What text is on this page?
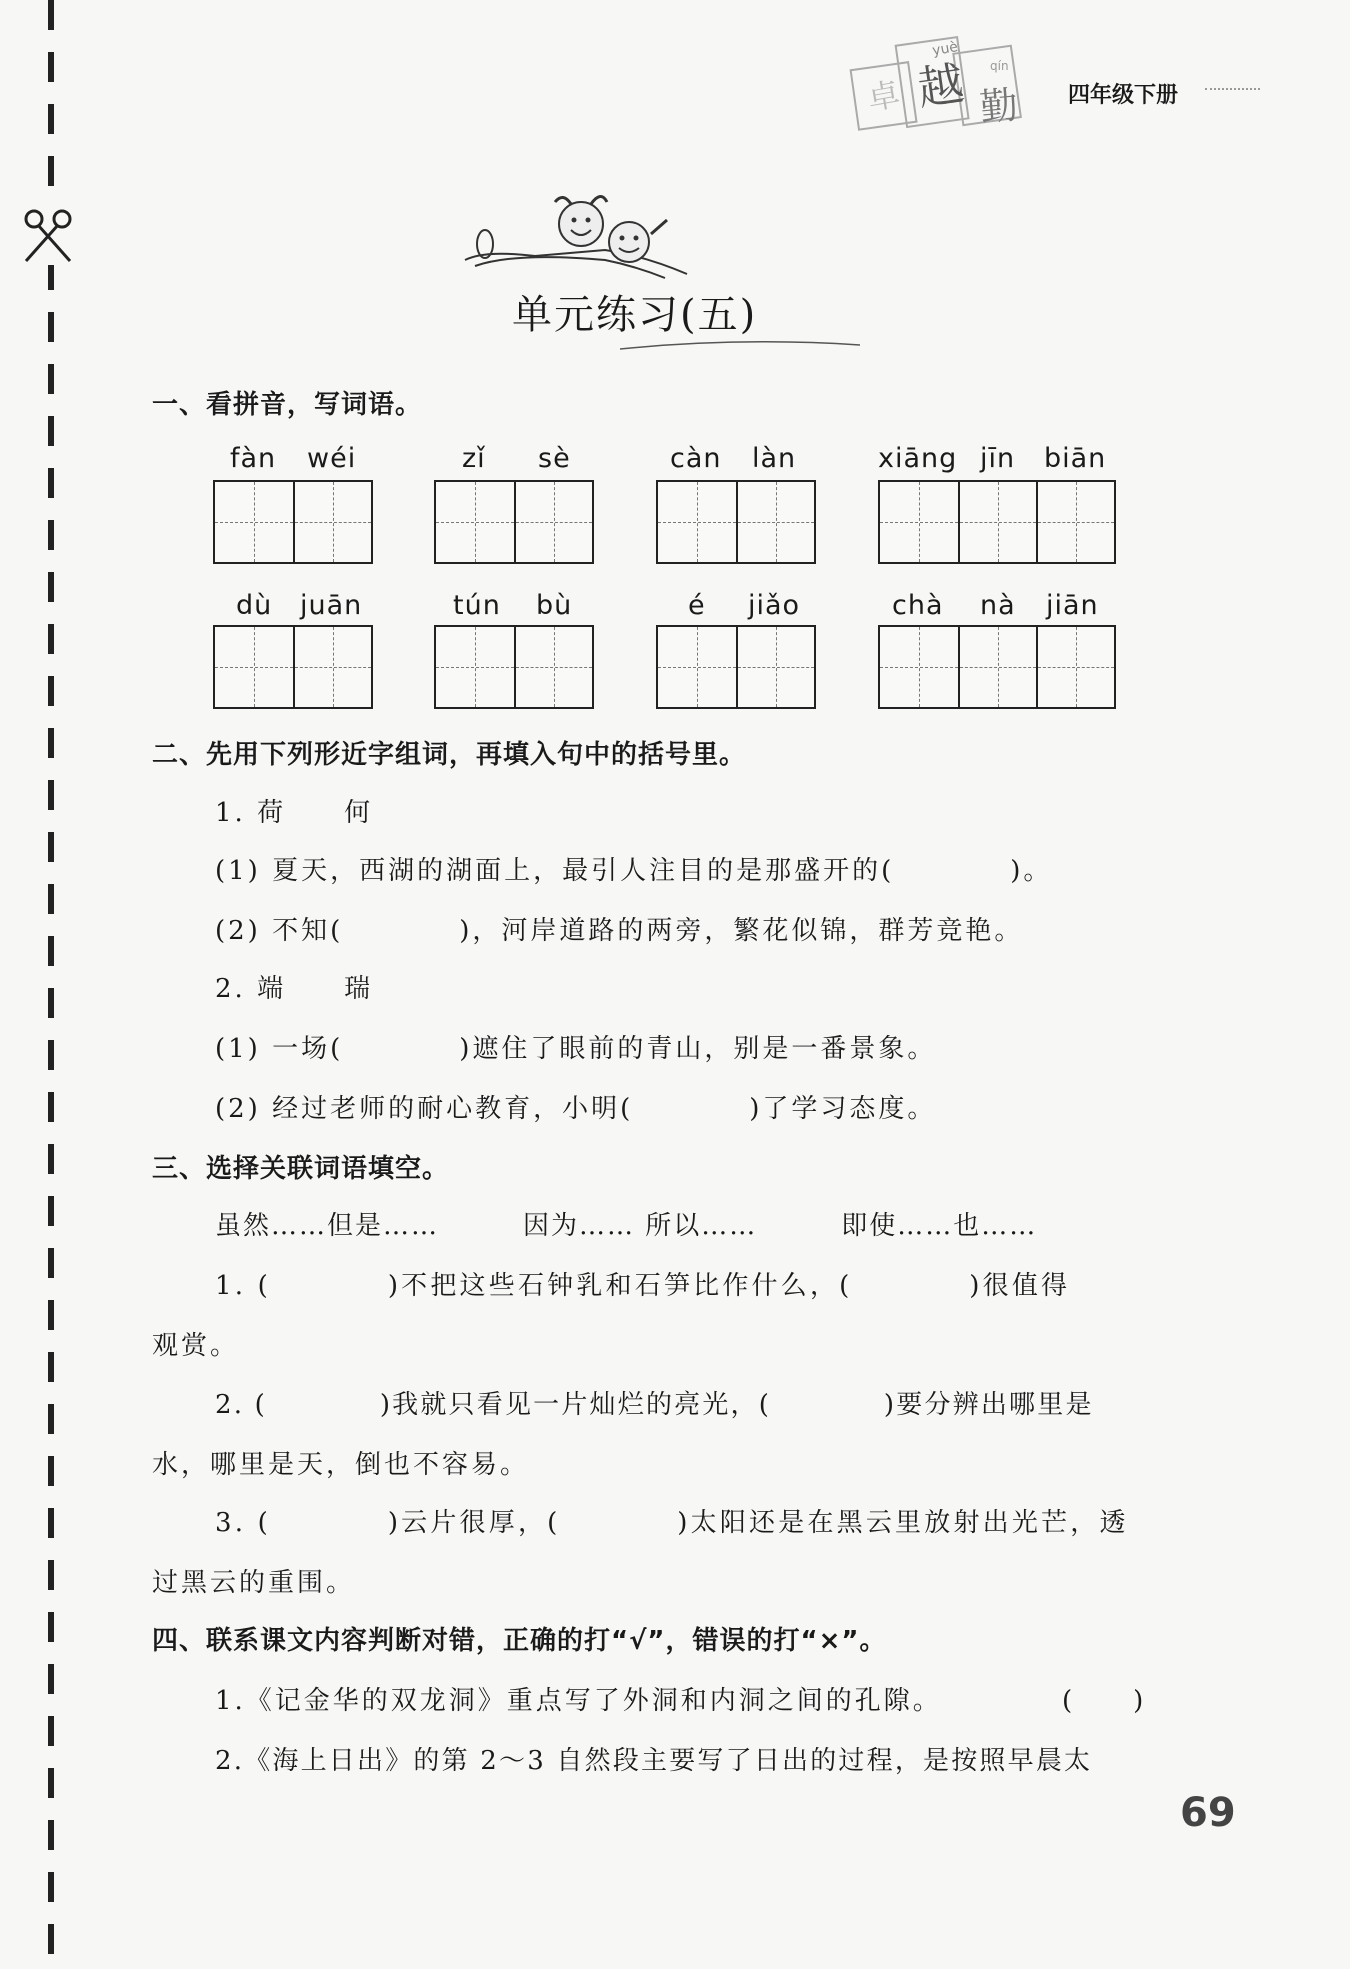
卓 越 勤
yuè
qín
四年级下册
单元练习(五)
一、看拼音，写词语。
fàn wéi	zǐ sè	càn làn	xiāng jīn biān
dù juān	tún bù	é jiǎo	chà nà jiān
二、先用下列形近字组词，再填入句中的括号里。
1. 荷　　何
(1) 夏天，西湖的湖面上，最引人注目的是那盛开的(　　　　)。
(2) 不知(　　　　)，河岸道路的两旁，繁花似锦，群芳竞艳。
2. 端　　瑞
(1) 一场(　　　　)遮住了眼前的青山，别是一番景象。
(2) 经过老师的耐心教育，小明(　　　　)了学习态度。
三、选择关联词语填空。
虽然……但是……　　　因为…… 所以……　　　即使……也……
1. (　　　　)不把这些石钟乳和石笋比作什么，(　　　　)很值得
观赏。
2. (　　　　)我就只看见一片灿烂的亮光，(　　　　)要分辨出哪里是
水，哪里是天，倒也不容易。
3. (　　　　)云片很厚，(　　　　)太阳还是在黑云里放射出光芒，透
过黑云的重围。
四、联系课文内容判断对错，正确的打“√”，错误的打“×”。
1.《记金华的双龙洞》重点写了外洞和内洞之间的孔隙。	(　　)
2.《海上日出》的第 2～3 自然段主要写了日出的过程，是按照早晨太
69
